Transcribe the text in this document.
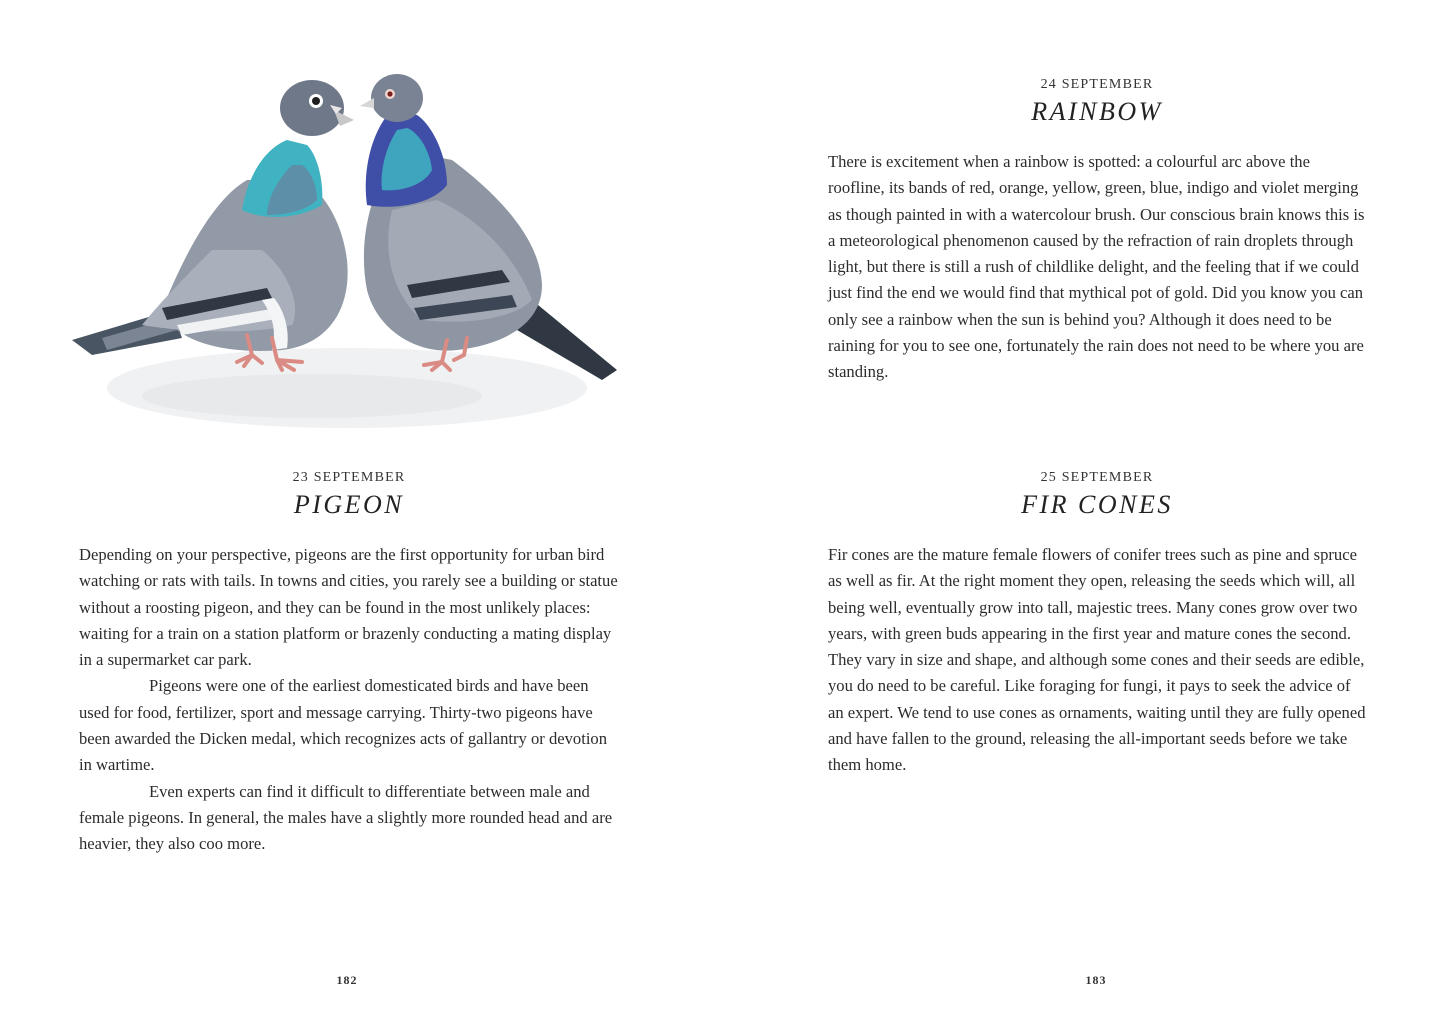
23 SEPTEMBER
PIGEON

Depending on your perspective, pigeons are the first opportunity for urban bird watching or rats with tails. In towns and cities, you rarely see a building or statue without a roosting pigeon, and they can be found in the most unlikely places: waiting for a train on a station platform or brazenly conducting a mating display in a supermarket car park.

Pigeons were one of the earliest domesticated birds and have been used for food, fertilizer, sport and message carrying. Thirty-two pigeons have been awarded the Dicken medal, which recognizes acts of gallantry or devotion in wartime.

Even experts can find it difficult to differentiate between male and female pigeons. In general, the males have a slightly more rounded head and are heavier, they also coo more.

182
24 SEPTEMBER
RAINBOW

There is excitement when a rainbow is spotted: a colourful arc above the roofline, its bands of red, orange, yellow, green, blue, indigo and violet merging as though painted in with a watercolour brush. Our conscious brain knows this is a meteorological phenomenon caused by the refraction of rain droplets through light, but there is still a rush of childlike delight, and the feeling that if we could just find the end we would find that mythical pot of gold. Did you know you can only see a rainbow when the sun is behind you? Although it does need to be raining for you to see one, fortunately the rain does not need to be where you are standing.

25 SEPTEMBER
FIR CONES

Fir cones are the mature female flowers of conifer trees such as pine and spruce as well as fir. At the right moment they open, releasing the seeds which will, all being well, eventually grow into tall, majestic trees. Many cones grow over two years, with green buds appearing in the first year and mature cones the second. They vary in size and shape, and although some cones and their seeds are edible, you do need to be careful. Like foraging for fungi, it pays to seek the advice of an expert. We tend to use cones as ornaments, waiting until they are fully opened and have fallen to the ground, releasing the all-important seeds before we take them home.

183
